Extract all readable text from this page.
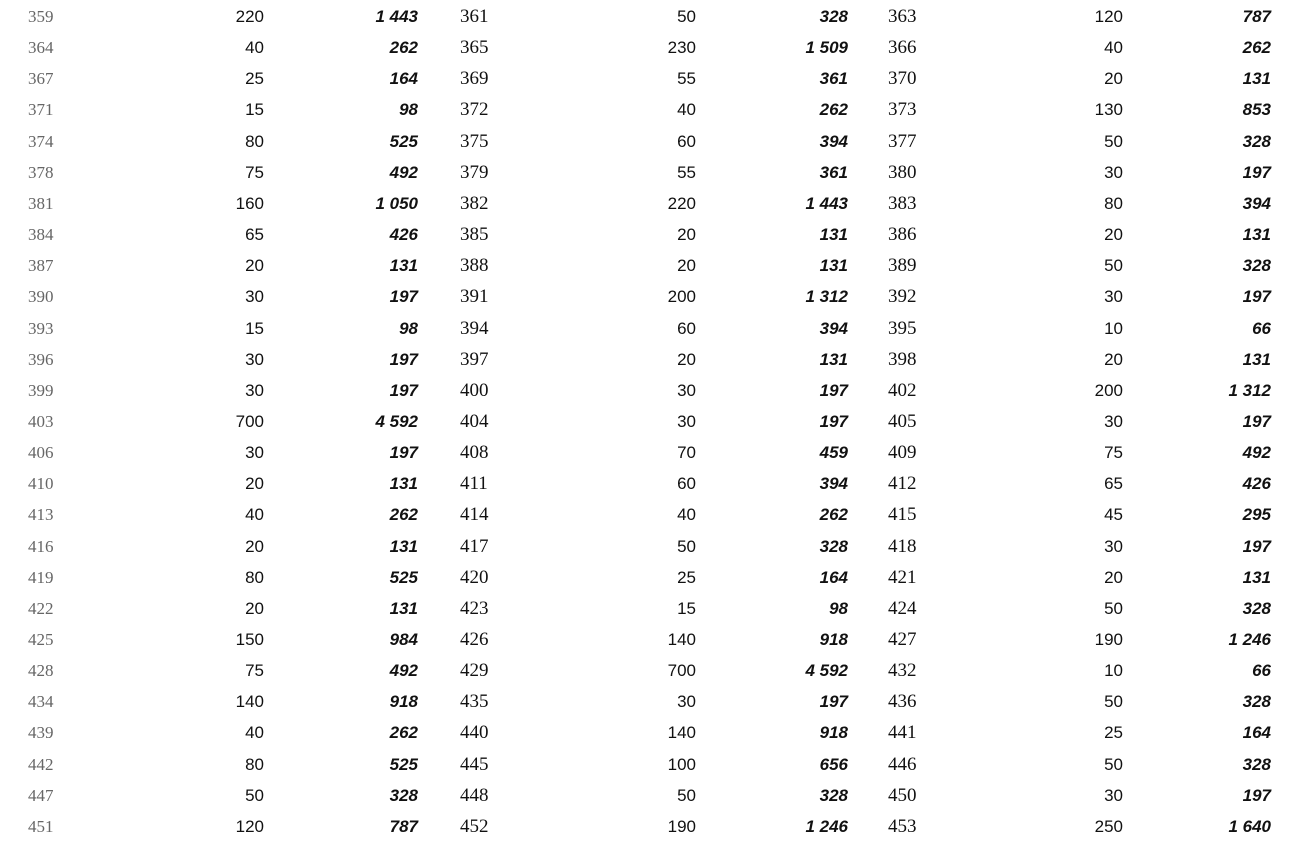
359	220	1 443 361	50	328 363	120	787
364	40	262 365	230	1 509 366	40	262
367	25	164 369	55	361 370	20	131
371	15	98 372	40	262 373	130	853
374	80	525 375	60	394 377	50	328
378	75	492 379	55	361 380	30	197
381	160	1 050 382	220	1 443 383	80	394
384	65	426 385	20	131 386	20	131
387	20	131 388	20	131 389	50	328
390	30	197 391	200	1 312 392	30	197
393	15	98 394	60	394 395	10	66
396	30	197 397	20	131 398	20	131
399	30	197 400	30	197 402	200	1 312
403	700	4 592 404	30	197 405	30	197
406	30	197 408	70	459 409	75	492
410	20	131 411	60	394 412	65	426
413	40	262 414	40	262 415	45	295
416	20	131 417	50	328 418	30	197
419	80	525 420	25	164 421	20	131
422	20	131 423	15	98 424	50	328
425	150	984 426	140	918 427	190	1 246
428	75	492 429	700	4 592 432	10	66
434	140	918 435	30	197 436	50	328
439	40	262 440	140	918 441	25	164
442	80	525 445	100	656 446	50	328
447	50	328 448	50	328 450	30	197
451	120	787 452	190	1 246 453	250	1 640
